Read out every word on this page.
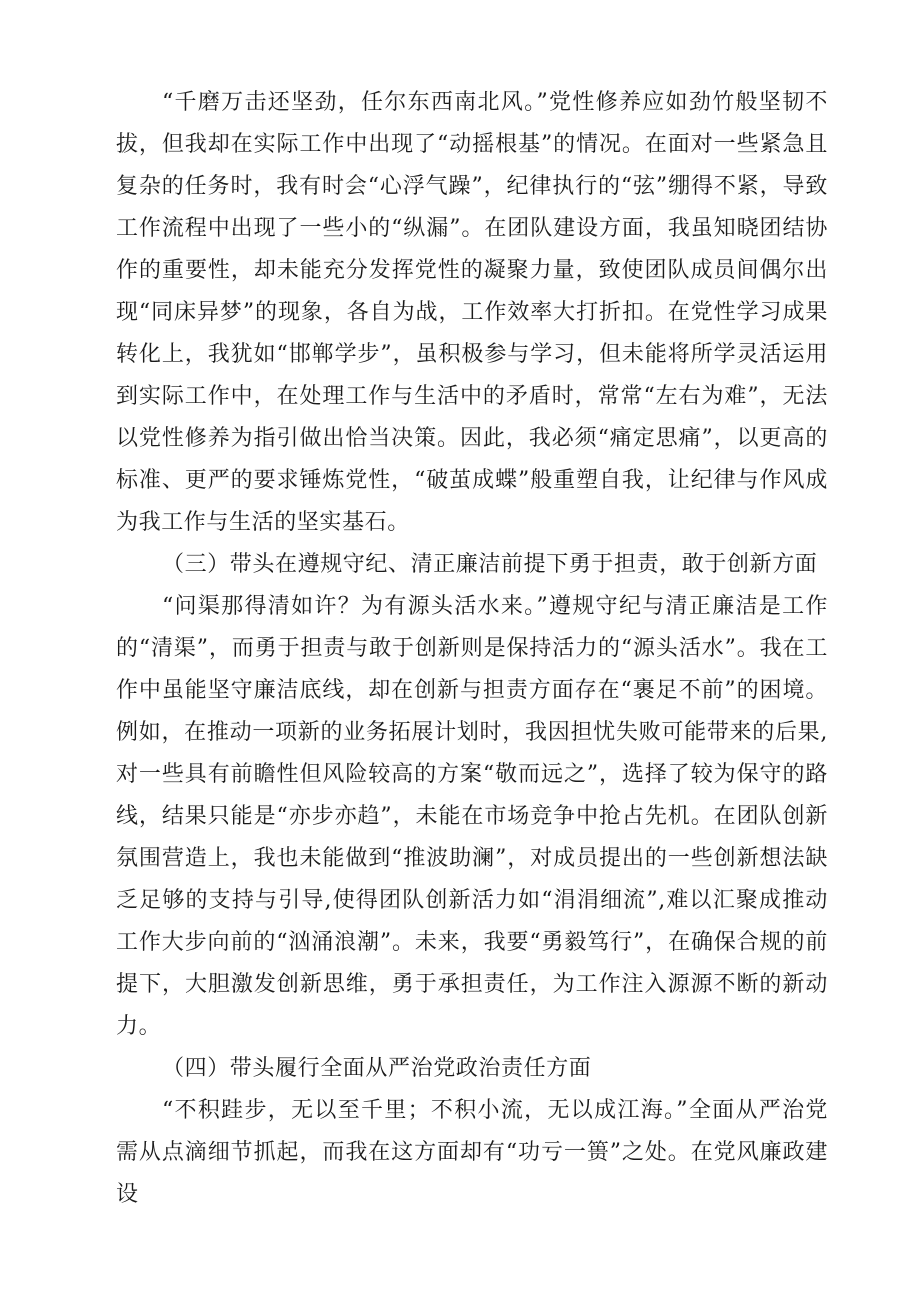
“千磨万击还坚劲，任尔东西南北风。”党性修养应如劲竹般坚韧不拔，但我却在实际工作中出现了“动摇根基”的情况。在面对一些紧急且复杂的任务时，我有时会“心浮气躁”，纪律执行的“弦”绷得不紧，导致工作流程中出现了一些小的“纵漏”。在团队建设方面，我虽知晓团结协作的重要性，却未能充分发挥党性的凝聚力量，致使团队成员间偶尔出现“同床异梦”的现象，各自为战，工作效率大打折扣。在党性学习成果转化上，我犹如“邯郸学步”，虽积极参与学习，但未能将所学灵活运用到实际工作中，在处理工作与生活中的矛盾时，常常“左右为难”，无法以党性修养为指引做出恰当决策。因此，我必须“痛定思痛”，以更高的标准、更严的要求锤炼党性，“破茧成蝶”般重塑自我，让纪律与作风成为我工作与生活的坚实基石。

（三）带头在遵规守纪、清正廉洁前提下勇于担责，敢于创新方面

“问渠那得清如许？为有源头活水来。”遵规守纪与清正廉洁是工作的“清渠”，而勇于担责与敢于创新则是保持活力的“源头活水”。我在工作中虽能坚守廉洁底线，却在创新与担责方面存在“裹足不前”的困境。例如，在推动一项新的业务拓展计划时，我因担忧失败可能带来的后果,对一些具有前瞻性但风险较高的方案“敬而远之”，选择了较为保守的路线，结果只能是“亦步亦趋”，未能在市场竞争中抢占先机。在团队创新氛围营造上，我也未能做到“推波助澜”，对成员提出的一些创新想法缺乏足够的支持与引导,使得团队创新活力如“涓涓细流”,难以汇聚成推动工作大步向前的“汹涌浪潮”。未来，我要“勇毅笃行”，在确保合规的前提下，大胆激发创新思维，勇于承担责任，为工作注入源源不断的新动力。

（四）带头履行全面从严治党政治责任方面

“不积跬步，无以至千里；不积小流，无以成江海。”全面从严治党需从点滴细节抓起，而我在这方面却有“功亏一篑”之处。在党风廉政建设
